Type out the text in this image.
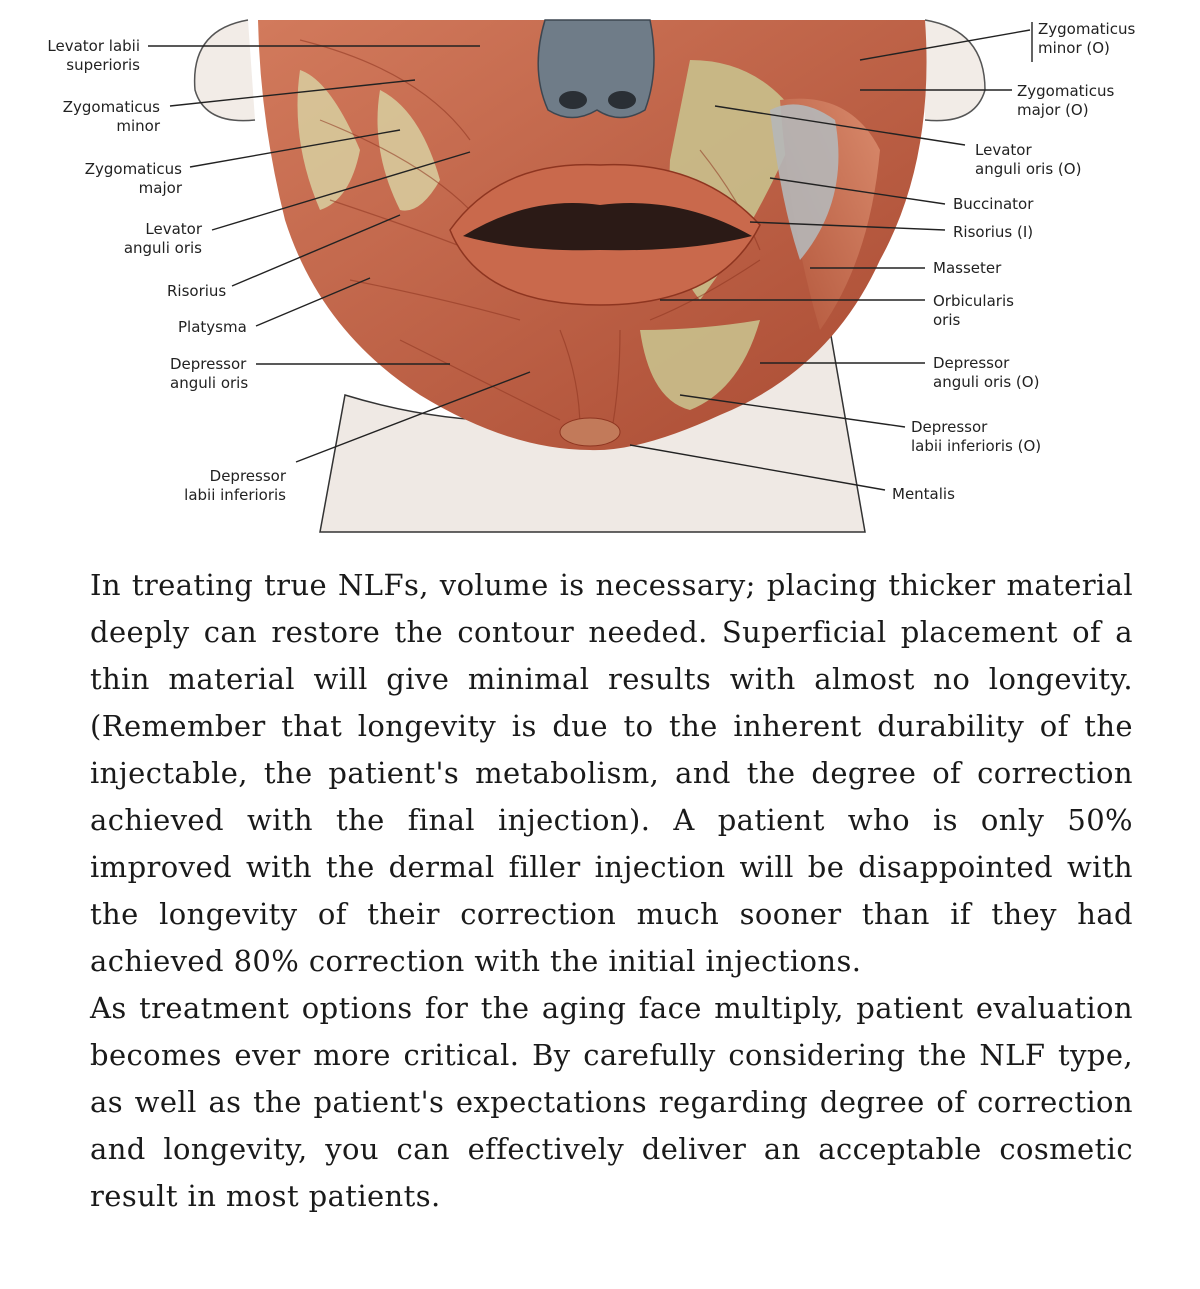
Levator labii
superioris
Zygomaticus
minor
Zygomaticus
major
Levator
anguli oris
Risorius
Platysma
Depressor
anguli oris
Depressor
labii inferioris
Zygomaticus
minor (O)
Zygomaticus
major (O)
Levator
anguli oris (O)
Buccinator
Risorius (I)
Masseter
Orbicularis
oris
Depressor
anguli oris (O)
Depressor
labii inferioris (O)
Mentalis

In treating true NLFs, volume is necessary; placing thicker material deeply can restore the contour needed. Superficial placement of a thin material will give minimal results with almost no longevity. (Remember that longevity is due to the inherent durability of the injectable, the patient's metabolism, and the degree of correction achieved with the final injection). A patient who is only 50% improved with the dermal filler injection will be disappointed with the longevity of their correction much sooner than if they had achieved 80% correction with the initial injections.

As treatment options for the aging face multiply, patient evaluation becomes ever more critical. By carefully considering the NLF type, as well as the patient's expectations regarding degree of correction and longevity, you can effectively deliver an acceptable cosmetic result in most patients.
